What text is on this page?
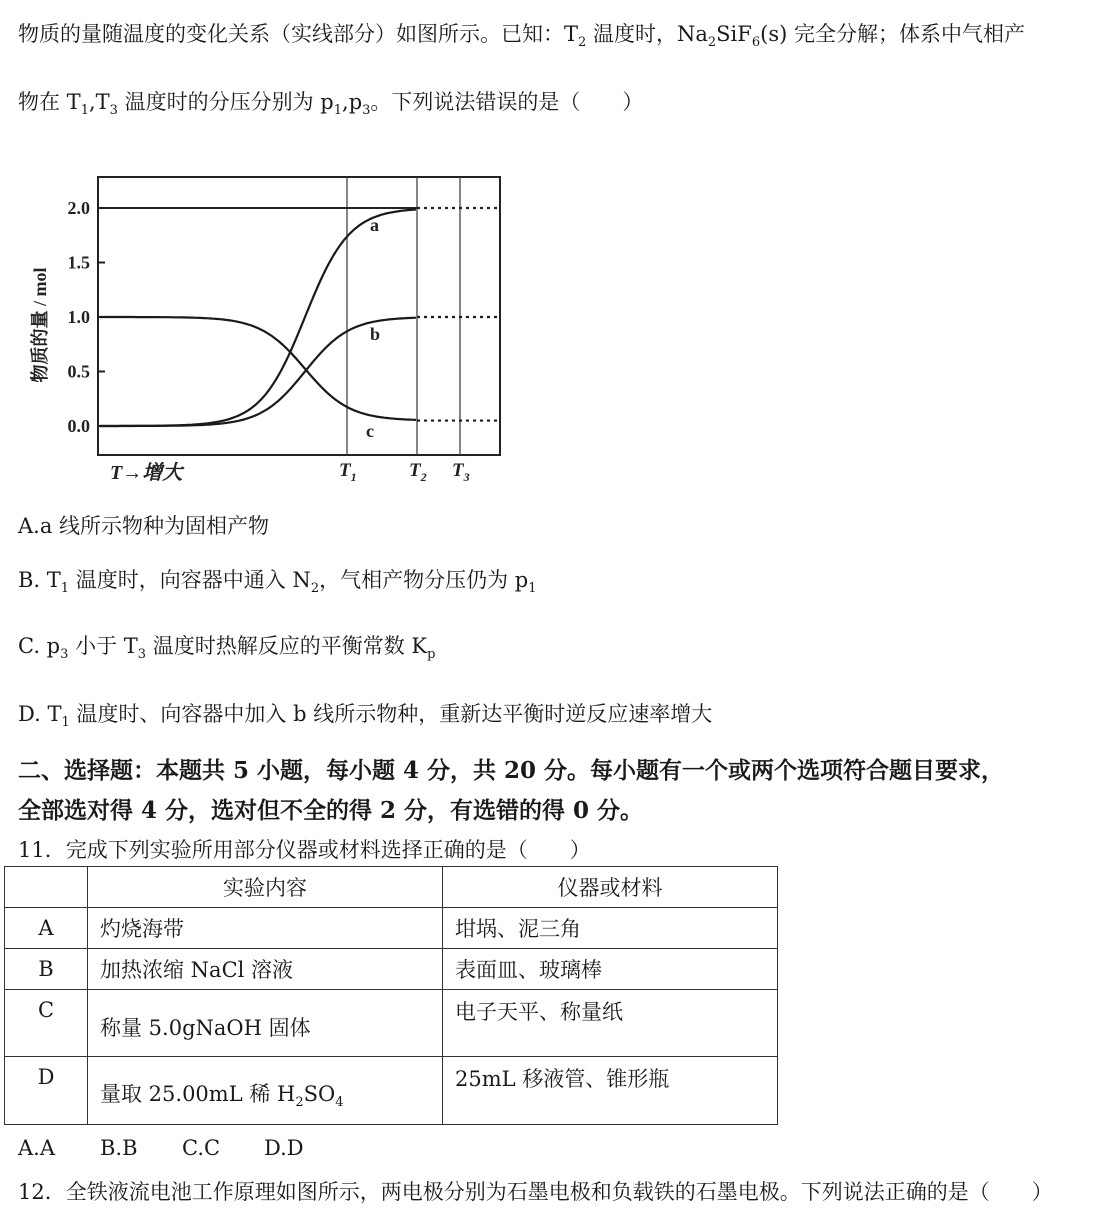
物质的量随温度的变化关系（实线部分）如图所示。已知：$T_2$ 温度时，$Na_2SiF_6(s)$ 完全分解；体系中气相产
物在 $T_1,T_3$ 温度时的分压分别为 $p_1,p_3$。下列说法错误的是（　　）
物质的量 / mol
T→增大
2.0
1.5
1.0
0.5
0.0
$T_1$	$T_2$ $T_3$
a
b
c
A.a 线所示物种为固相产物
B. $T_1$ 温度时，向容器中通入 $N_2$，气相产物分压仍为 $p_1$
C. $p_3$ 小于 $T_3$ 温度时热解反应的平衡常数 $K_p$
D. $T_1$ 温度时、向容器中加入 b 线所示物种，重新达平衡时逆反应速率增大
二、选择题：本题共 5 小题，每小题 4 分，共 20 分。每小题有一个或两个选项符合题目要求，
全部选对得 4 分，选对但不全的得 2 分，有选错的得 0 分。
11．完成下列实验所用部分仪器或材料选择正确的是（　　）
	实验内容	仪器或材料
A	灼烧海带	坩埚、泥三角
B	加热浓缩 NaCl 溶液	表面皿、玻璃棒
C	称量 5.0gNaOH 固体	电子天平、称量纸
D	量取 25.00mL 稀 $H_2SO_4$	25mL 移液管、锥形瓶
A.A B.B C.C D.D
12．全铁液流电池工作原理如图所示，两电极分别为石墨电极和负载铁的石墨电极。下列说法正确的是（　　）
